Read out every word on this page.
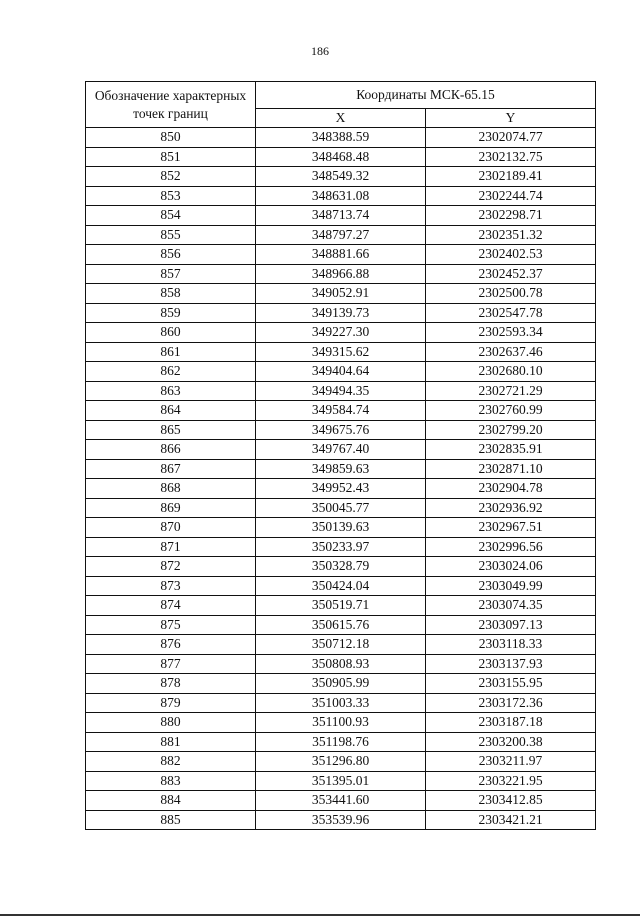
186
Обозначение характерных точек границ	Координаты МСК-65.15	
	X	Y
850	348388.59	2302074.77
851	348468.48	2302132.75
852	348549.32	2302189.41
853	348631.08	2302244.74
854	348713.74	2302298.71
855	348797.27	2302351.32
856	348881.66	2302402.53
857	348966.88	2302452.37
858	349052.91	2302500.78
859	349139.73	2302547.78
860	349227.30	2302593.34
861	349315.62	2302637.46
862	349404.64	2302680.10
863	349494.35	2302721.29
864	349584.74	2302760.99
865	349675.76	2302799.20
866	349767.40	2302835.91
867	349859.63	2302871.10
868	349952.43	2302904.78
869	350045.77	2302936.92
870	350139.63	2302967.51
871	350233.97	2302996.56
872	350328.79	2303024.06
873	350424.04	2303049.99
874	350519.71	2303074.35
875	350615.76	2303097.13
876	350712.18	2303118.33
877	350808.93	2303137.93
878	350905.99	2303155.95
879	351003.33	2303172.36
880	351100.93	2303187.18
881	351198.76	2303200.38
882	351296.80	2303211.97
883	351395.01	2303221.95
884	353441.60	2303412.85
885	353539.96	2303421.21
